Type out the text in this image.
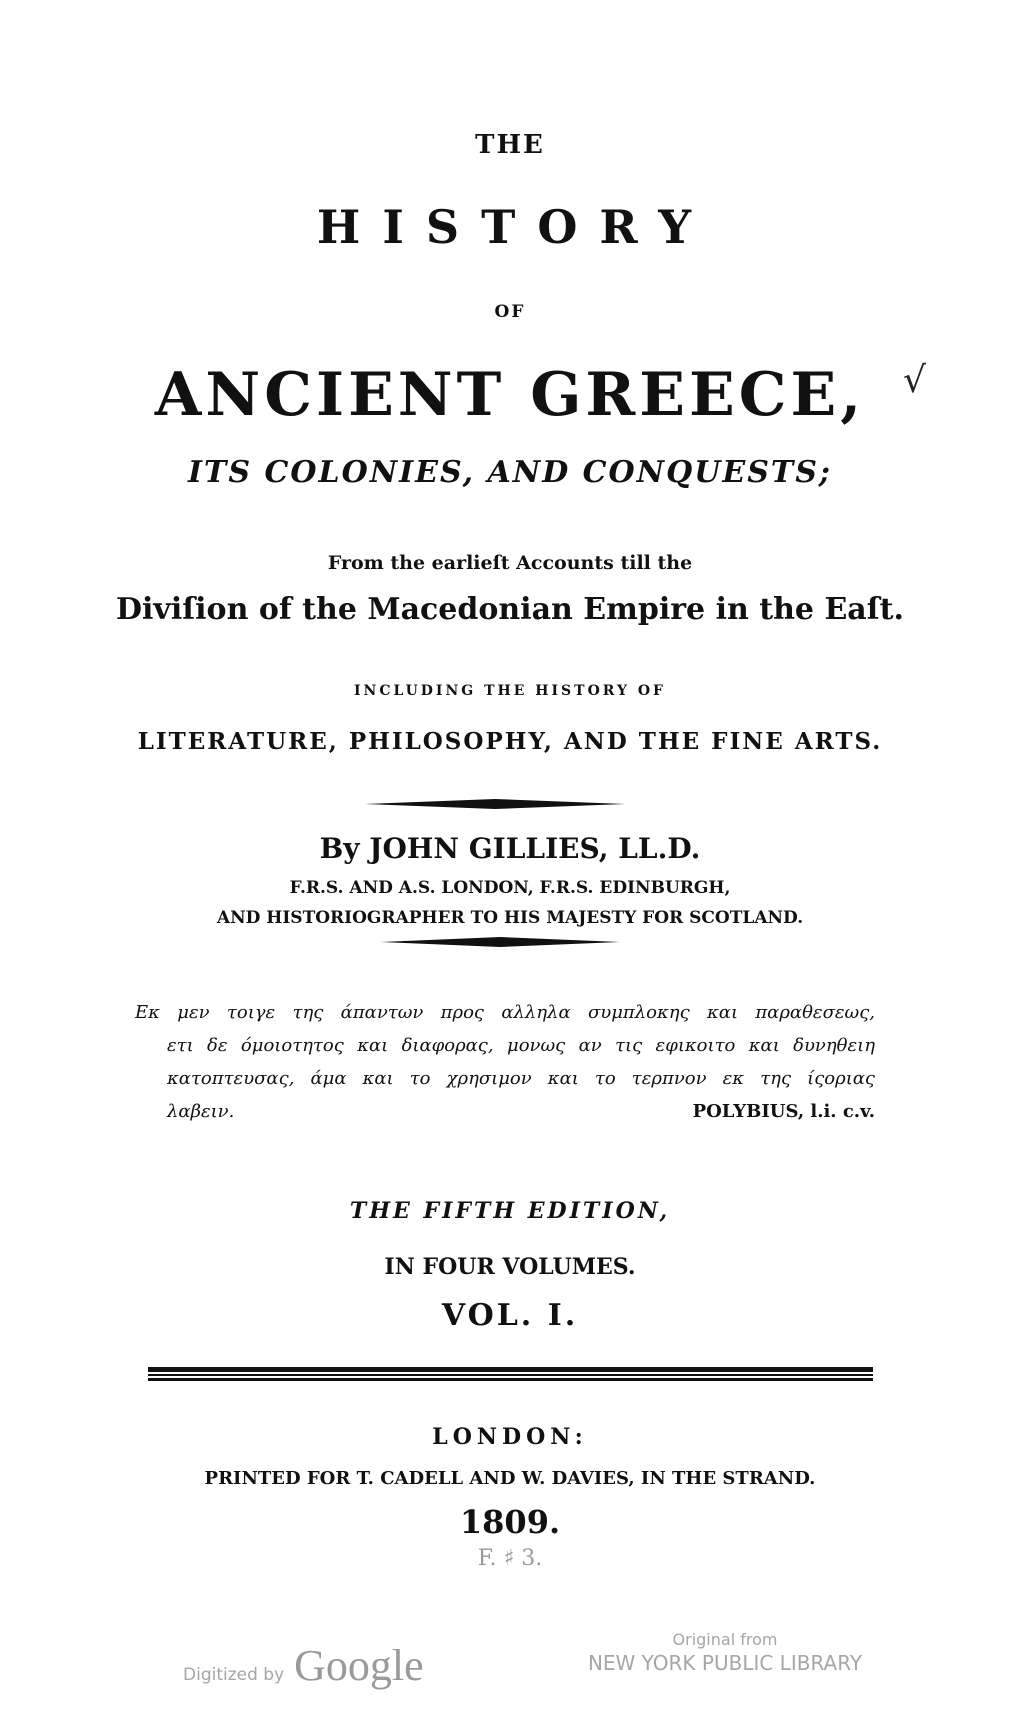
THE
HISTORY
OF
ANCIENT GREECE,
ITS COLONIES, AND CONQUESTS;
From the earlieſt Accounts till the
Diviſion of the Macedonian Empire in the Eaſt.
INCLUDING THE HISTORY OF
LITERATURE, PHILOSOPHY, AND THE FINE ARTS.
By JOHN GILLIES, LL.D.
F.R.S. AND A.S. LONDON, F.R.S. EDINBURGH,
AND HISTORIOGRAPHER TO HIS MAJESTY FOR SCOTLAND.
Εκ μεν τοιγε της άπαντων προς αλληλα συμπλοκης και παραθεσεως,
ετι δε όμοιοτητος και διαφορας, μονως αν τις εφικοιτο και δυνηθειη
κατοπτευσας, άμα και το χρησιμον και το τερπνον εκ της ίςοριας
λαβειν.	POLYBIUS, l.i. c.v.
THE FIFTH EDITION,
IN FOUR VOLUMES.
VOL. I.
LONDON:
PRINTED FOR T. CADELL AND W. DAVIES, IN THE STRAND.
1809.
F. ♯ 3.
√
Digitized by Google
Original from
NEW YORK PUBLIC LIBRARY
